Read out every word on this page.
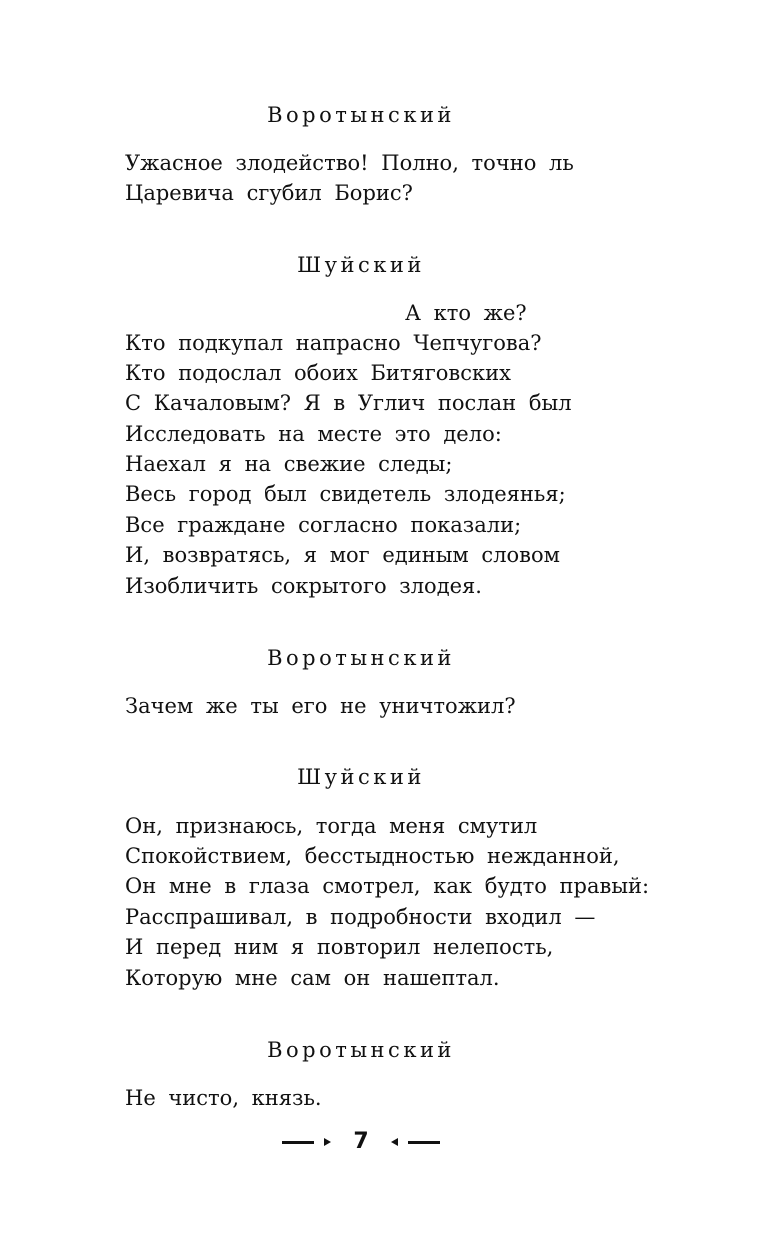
Воротынский
Ужасное злодейство! Полно, точно ль
Царевича сгубил Борис?
Шуйский
А кто же?
Кто подкупал напрасно Чепчугова?
Кто подослал обоих Битяговских
С Качаловым? Я в Углич послан был
Исследовать на месте это дело:
Наехал я на свежие следы;
Весь город был свидетель злодеянья;
Все граждане согласно показали;
И, возвратясь, я мог единым словом
Изобличить сокрытого злодея.
Воротынский
Зачем же ты его не уничтожил?
Шуйский
Он, признаюсь, тогда меня смутил
Спокойствием, бесстыдностью нежданной,
Он мне в глаза смотрел, как будто правый:
Расспрашивал, в подробности входил —
И перед ним я повторил нелепость,
Которую мне сам он нашептал.
Воротынский
Не чисто, князь.
7
